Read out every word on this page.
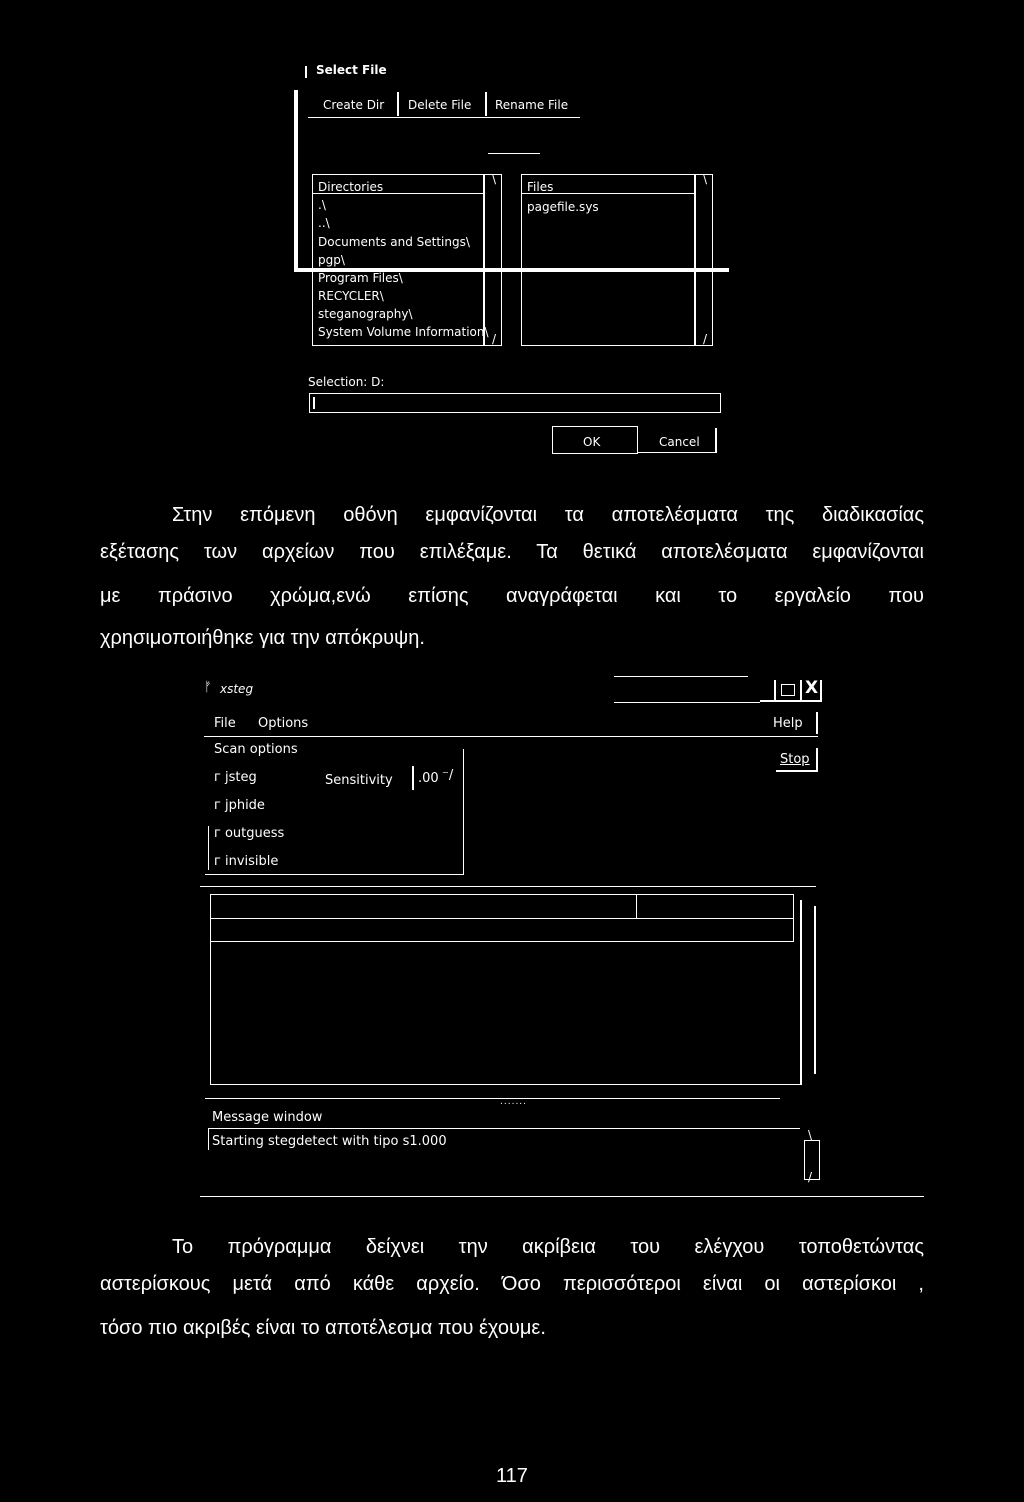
Select File
Create Dir Delete File Rename File
Directories
.\
..\
Documents and Settings\
pgp\
Program Files\
RECYCLER\
steganography\
System Volume Information\
\
/
Files
pagefile.sys
\
/
Selection: D:
OK	Cancel
Στην επόμενη οθόνη εμφανίζονται τα αποτελέσματα της διαδικασίας
εξέτασης των αρχείων που επιλέξαμε. Τα θετικά αποτελέσματα εμφανίζονται
με πράσινο χρώμα,ενώ επίσης αναγράφεται και το εργαλείο που
χρησιμοποιήθηκε για την απόκρυψη.
ᚠ xsteg	X
File Options	Help
Scan options
г jsteg
г jphide
г outguess
г invisible
Sensitivity .00 ⁻/
Stop
Message window
.......
Starting stegdetect with tipo s1.000	\
/
Το πρόγραμμα δείχνει την ακρίβεια του ελέγχου τοποθετώντας
αστερίσκους μετά από κάθε αρχείο. Όσο περισσότεροι είναι οι αστερίσκοι ,
τόσο πιο ακριβές είναι το αποτέλεσμα που έχουμε.
117
